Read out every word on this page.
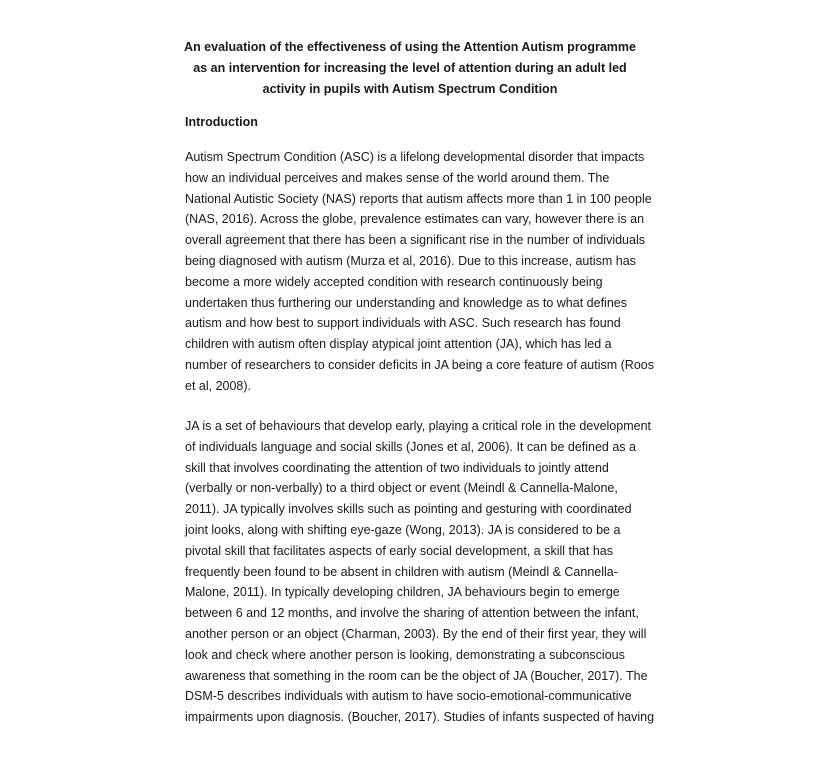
An evaluation of the effectiveness of using the Attention Autism programme
as an intervention for increasing the level of attention during an adult led
activity in pupils with Autism Spectrum Condition
Introduction

Autism Spectrum Condition (ASC) is a lifelong developmental disorder that impacts
how an individual perceives and makes sense of the world around them. The
National Autistic Society (NAS) reports that autism affects more than 1 in 100 people
(NAS, 2016). Across the globe, prevalence estimates can vary, however there is an
overall agreement that there has been a significant rise in the number of individuals
being diagnosed with autism (Murza et al, 2016). Due to this increase, autism has
become a more widely accepted condition with research continuously being
undertaken thus furthering our understanding and knowledge as to what defines
autism and how best to support individuals with ASC. Such research has found
children with autism often display atypical joint attention (JA), which has led a
number of researchers to consider deficits in JA being a core feature of autism (Roos
et al, 2008).

JA is a set of behaviours that develop early, playing a critical role in the development
of individuals language and social skills (Jones et al, 2006). It can be defined as a
skill that involves coordinating the attention of two individuals to jointly attend
(verbally or non-verbally) to a third object or event (Meindl & Cannella-Malone,
2011). JA typically involves skills such as pointing and gesturing with coordinated
joint looks, along with shifting eye-gaze (Wong, 2013). JA is considered to be a
pivotal skill that facilitates aspects of early social development, a skill that has
frequently been found to be absent in children with autism (Meindl & Cannella-
Malone, 2011). In typically developing children, JA behaviours begin to emerge
between 6 and 12 months, and involve the sharing of attention between the infant,
another person or an object (Charman, 2003). By the end of their first year, they will
look and check where another person is looking, demonstrating a subconscious
awareness that something in the room can be the object of JA (Boucher, 2017). The
DSM-5 describes individuals with autism to have socio-emotional-communicative
impairments upon diagnosis. (Boucher, 2017). Studies of infants suspected of having
